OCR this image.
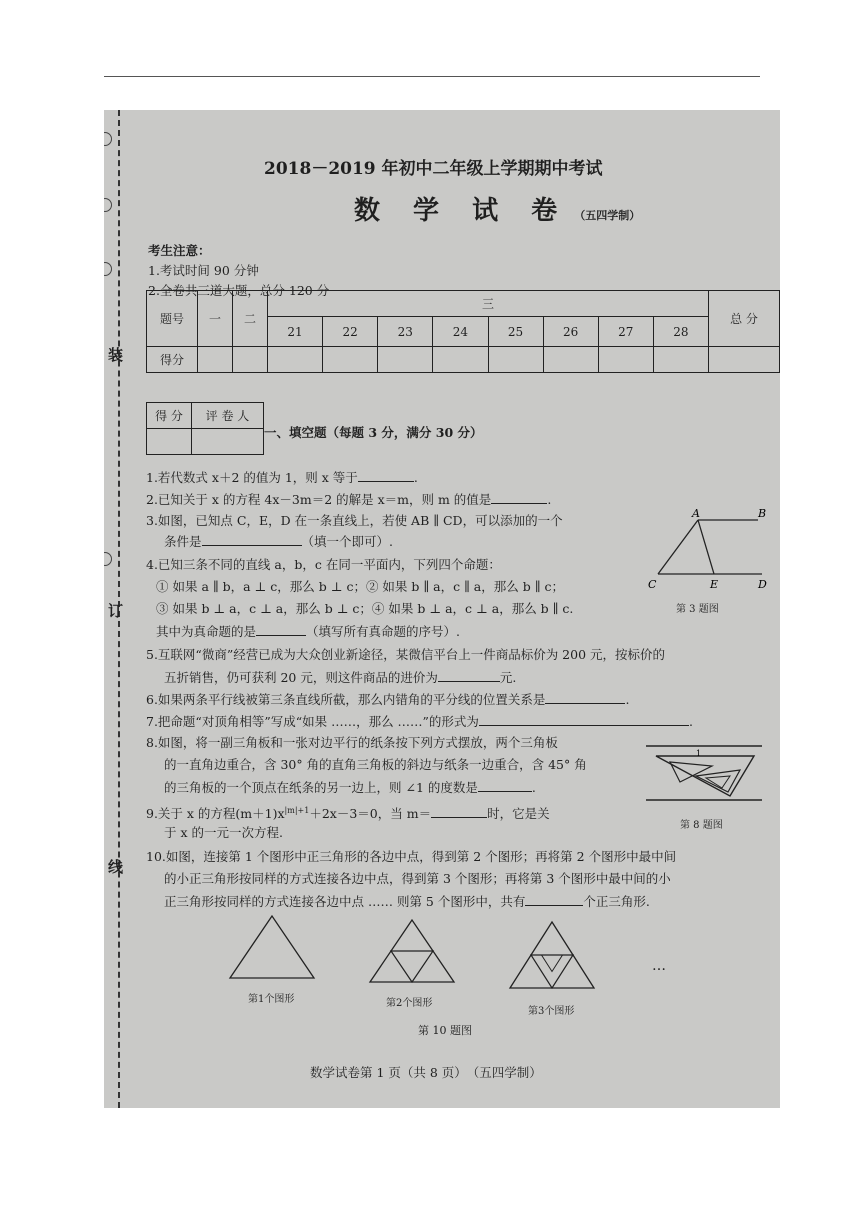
装
订
线
2018－2019 年初中二年级上学期期中考试
数 学 试 卷 （五四学制）
考生注意：
1.考试时间 90 分钟
2.全卷共三道大题，总分 120 分
题号	一	二	三								总 分
			21	22	23	24	25	26	27	28	
得分											
得 分	评 卷 人

一、填空题（每题 3 分，满分 30 分）
1.若代数式 x＋2 的值为 1，则 x 等于	.
2.已知关于 x 的方程 4x－3m＝2 的解是 x＝m，则 m 的值是	.
3.如图，已知点 C，E，D 在一条直线上，若使 AB ∥ CD，可以添加的一个
条件是	（填一个即可）.
4.已知三条不同的直线 a，b，c 在同一平面内，下列四个命题：
① 如果 a ∥ b，a ⊥ c，那么 b ⊥ c；② 如果 b ∥ a，c ∥ a，那么 b ∥ c；
③ 如果 b ⊥ a，c ⊥ a，那么 b ⊥ c；④ 如果 b ⊥ a，c ⊥ a，那么 b ∥ c.
其中为真命题的是	（填写所有真命题的序号）.
5.互联网“微商”经营已成为大众创业新途径，某微信平台上一件商品标价为 200 元，按标价的
五折销售，仍可获利 20 元，则这件商品的进价为	元.
6.如果两条平行线被第三条直线所截，那么内错角的平分线的位置关系是	.
7.把命题“对顶角相等”写成“如果 ……，那么 ……”的形式为	.
8.如图，将一副三角板和一张对边平行的纸条按下列方式摆放，两个三角板
的一直角边重合，含 30° 角的直角三角板的斜边与纸条一边重合，含 45° 角
的三角板的一个顶点在纸条的另一边上，则 ∠1 的度数是	.
9.关于 x 的方程$(m+1)x^{|m|+1}+2x-3=0$，当 m＝	时，它是关
于 x 的一元一次方程.
10.如图，连接第 1 个图形中正三角形的各边中点，得到第 2 个图形；再将第 2 个图形中最中间
的小正三角形按同样的方式连接各边中点，得到第 3 个图形；再将第 3 个图形中最中间的小
正三角形按同样的方式连接各边中点 …… 则第 5 个图形中，共有	个正三角形.
A	B
C	E	D
第 3 题图
1
第 8 题图
…
第1个图形	第2个图形
第3个图形
第 10 题图
数学试卷第 1 页（共 8 页）　（五四学制）
